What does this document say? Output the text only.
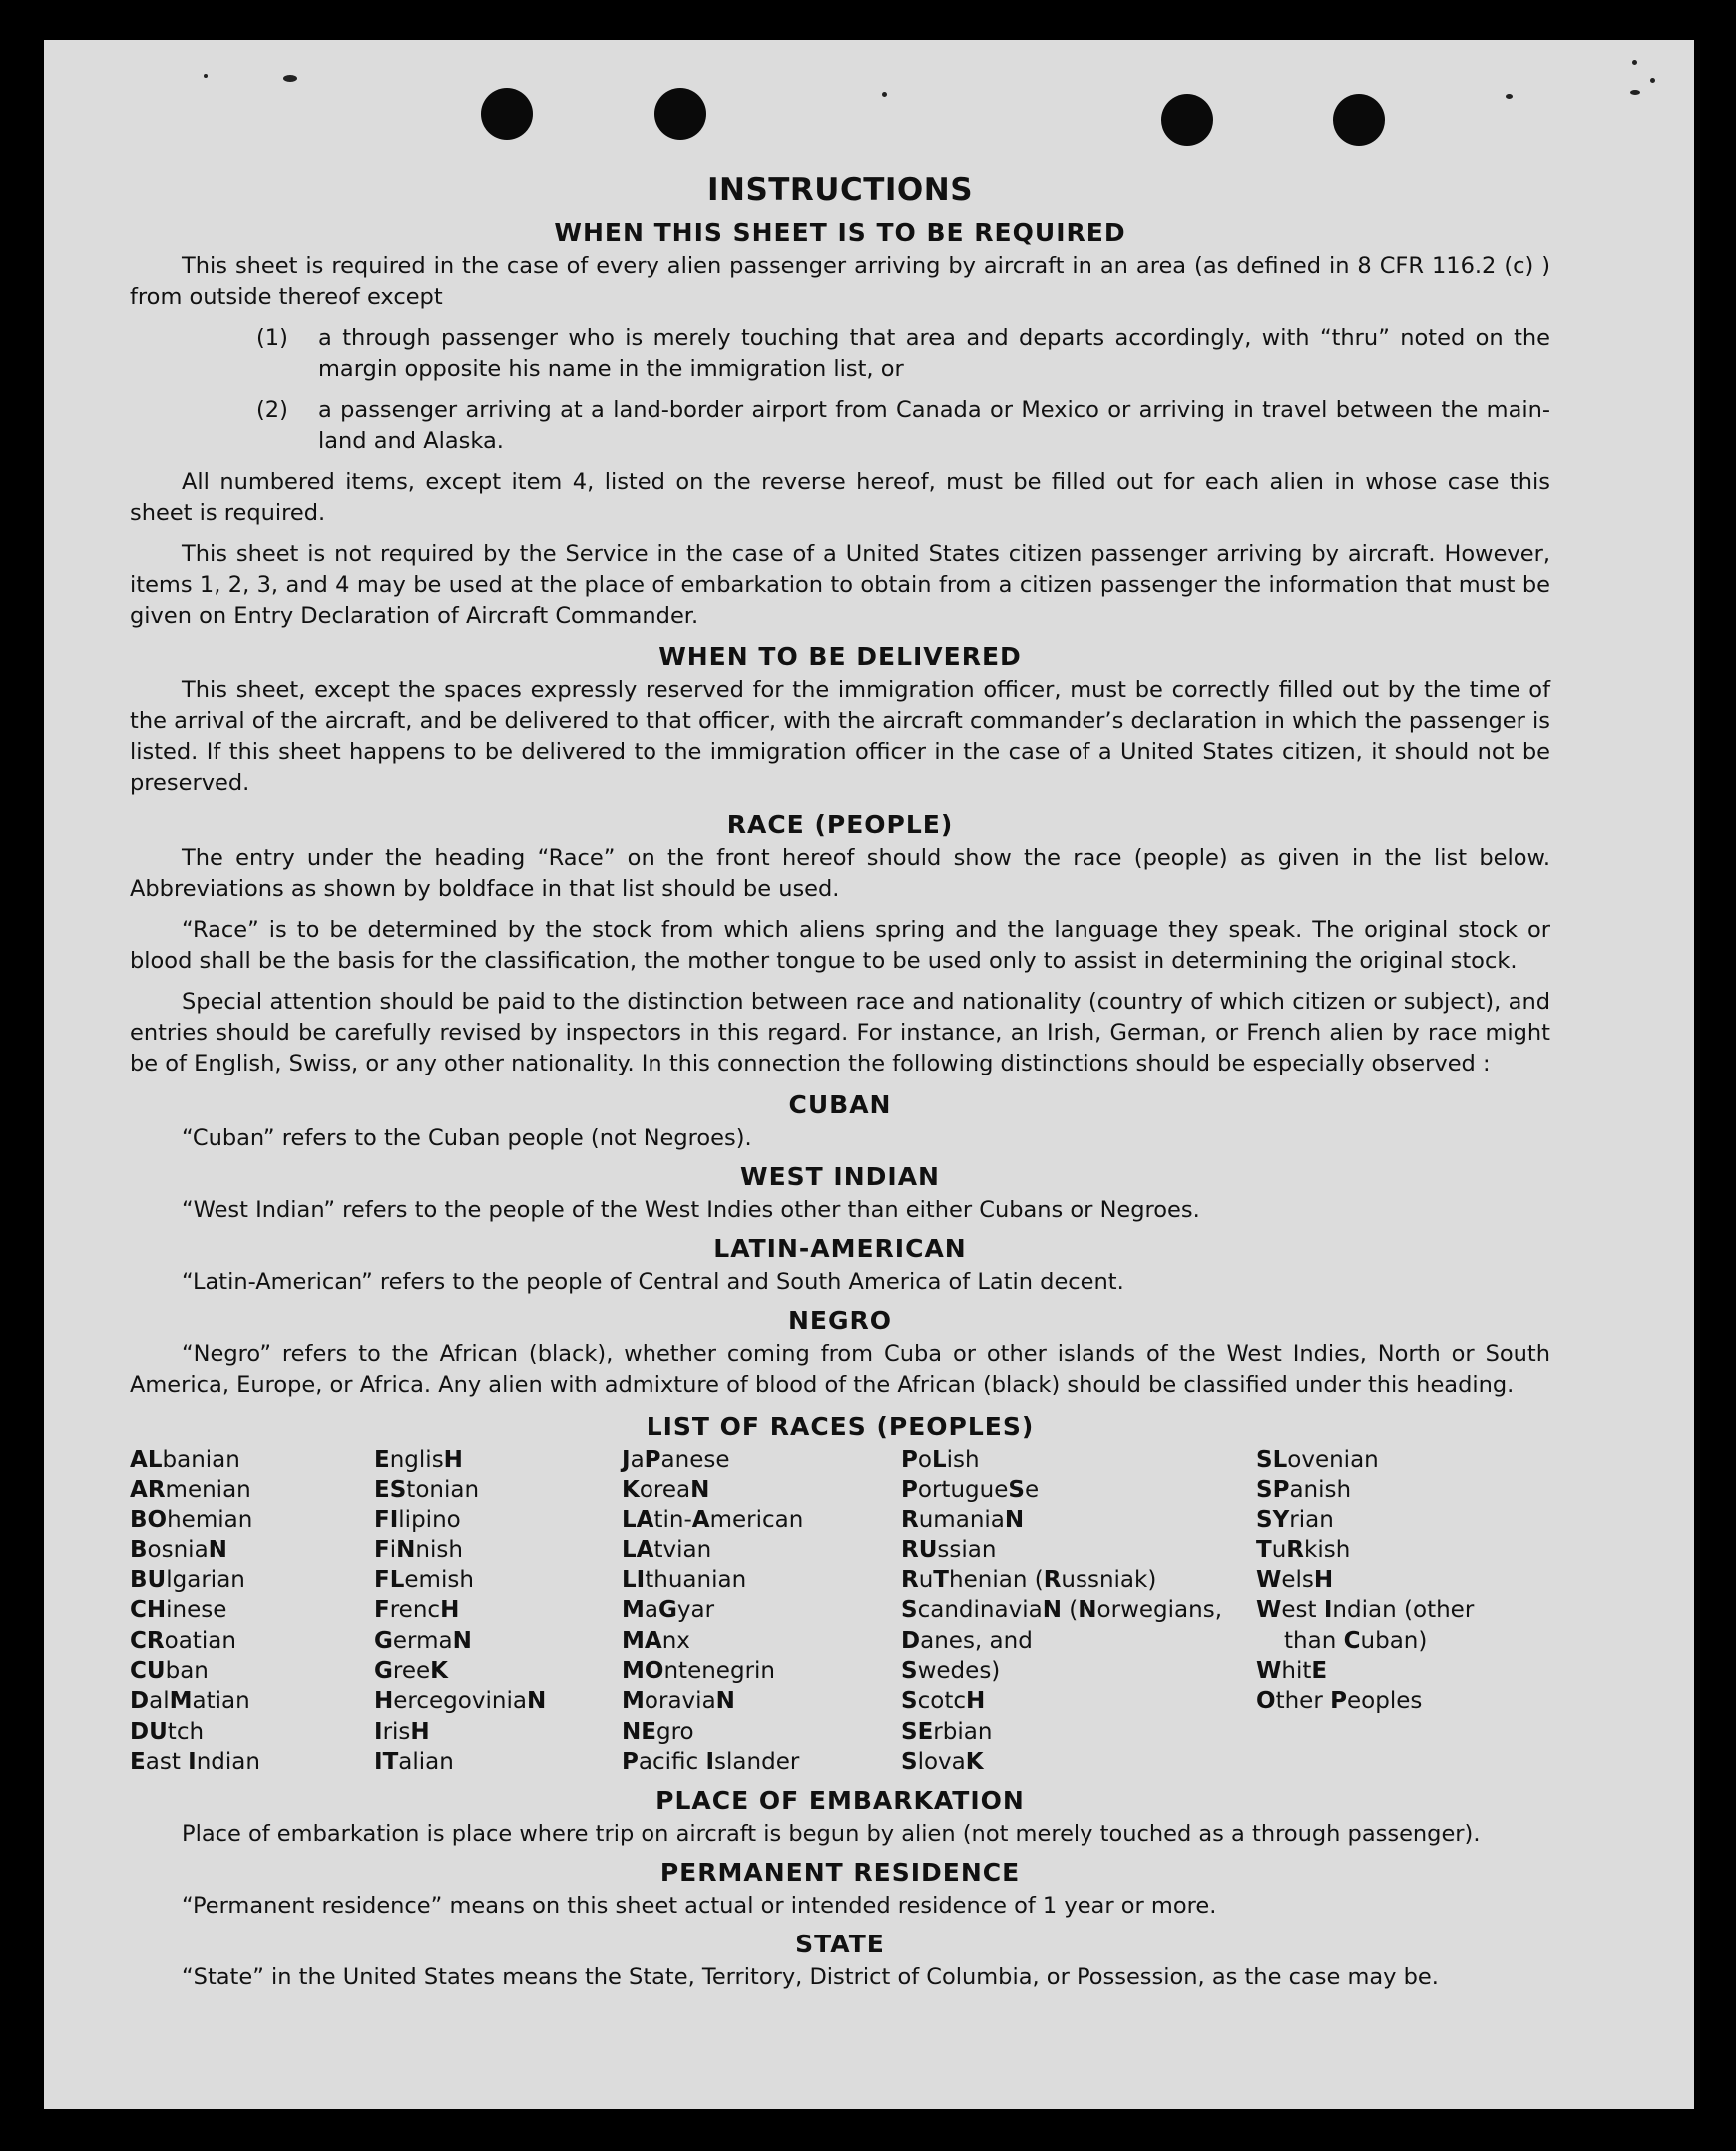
INSTRUCTIONS
WHEN THIS SHEET IS TO BE REQUIRED

This sheet is required in the case of every alien passenger arriving by aircraft in an area (as defined in 8 CFR 116.2 (c) ) from outside thereof except

(1)	a through passenger who is merely touching that area and departs accordingly, with “thru” noted on the margin opposite his name in the immigration list, or
(2)	a passenger arriving at a land-border airport from Canada or Mexico or arriving in travel between the main-land and Alaska.

All numbered items, except item 4, listed on the reverse hereof, must be filled out for each alien in whose case this sheet is required.

This sheet is not required by the Service in the case of a United States citizen passenger arriving by aircraft. However, items 1, 2, 3, and 4 may be used at the place of embarkation to obtain from a citizen passenger the information that must be given on Entry Declaration of Aircraft Commander.

WHEN TO BE DELIVERED

This sheet, except the spaces expressly reserved for the immigration officer, must be correctly filled out by the time of the arrival of the aircraft, and be delivered to that officer, with the aircraft commander’s declaration in which the passenger is listed. If this sheet happens to be delivered to the immigration officer in the case of a United States citizen, it should not be preserved.

RACE (PEOPLE)

The entry under the heading “Race” on the front hereof should show the race (people) as given in the list below. Abbreviations as shown by boldface in that list should be used.

“Race” is to be determined by the stock from which aliens spring and the language they speak. The original stock or blood shall be the basis for the classification, the mother tongue to be used only to assist in determining the original stock.

Special attention should be paid to the distinction between race and nationality (country of which citizen or subject), and entries should be carefully revised by inspectors in this regard. For instance, an Irish, German, or French alien by race might be of English, Swiss, or any other nationality. In this connection the following distinctions should be especially observed :

CUBAN
“Cuban” refers to the Cuban people (not Negroes).
WEST INDIAN
“West Indian” refers to the people of the West Indies other than either Cubans or Negroes.
LATIN-AMERICAN
“Latin-American” refers to the people of Central and South America of Latin decent.
NEGRO

“Negro” refers to the African (black), whether coming from Cuba or other islands of the West Indies, North or South America, Europe, or Africa. Any alien with admixture of blood of the African (black) should be classified under this heading.

LIST OF RACES (PEOPLES)
ALbanian
ARmenian
BOhemian
BosniaN
BUlgarian
CHinese
CRoatian
CUban
DalMatian
DUtch
East Indian
EnglisH
EStonian
FIlipino
FiNnish
FLemish
FrencH
GermaN
GreeK
HercegoviniaN
IrisH
ITalian
JaPanese
KoreaN
LAtin-American
LAtvian
LIthuanian
MaGyar
MAnx
MOntenegrin
MoraviaN
NEgro
Pacifc Islander
PoLish
PortugueSe
RumaniaN
RUssian
RuThenian (Russniak)
ScandinaviaN (Norwegians,
Danes, and
Swedes)
ScotcH
SErbian
SlovaK
SLovenian
SPanish
SYrian
TuRkish
WelsH
West Indian (other
than Cuban)
WhitE
Other Peoples
PLACE OF EMBARKATION
Place of embarkation is place where trip on aircraft is begun by alien (not merely touched as a through passenger).
PERMANENT RESIDENCE
“Permanent residence” means on this sheet actual or intended residence of 1 year or more.
STATE
“State” in the United States means the State, Territory, District of Columbia, or Possession, as the case may be.
